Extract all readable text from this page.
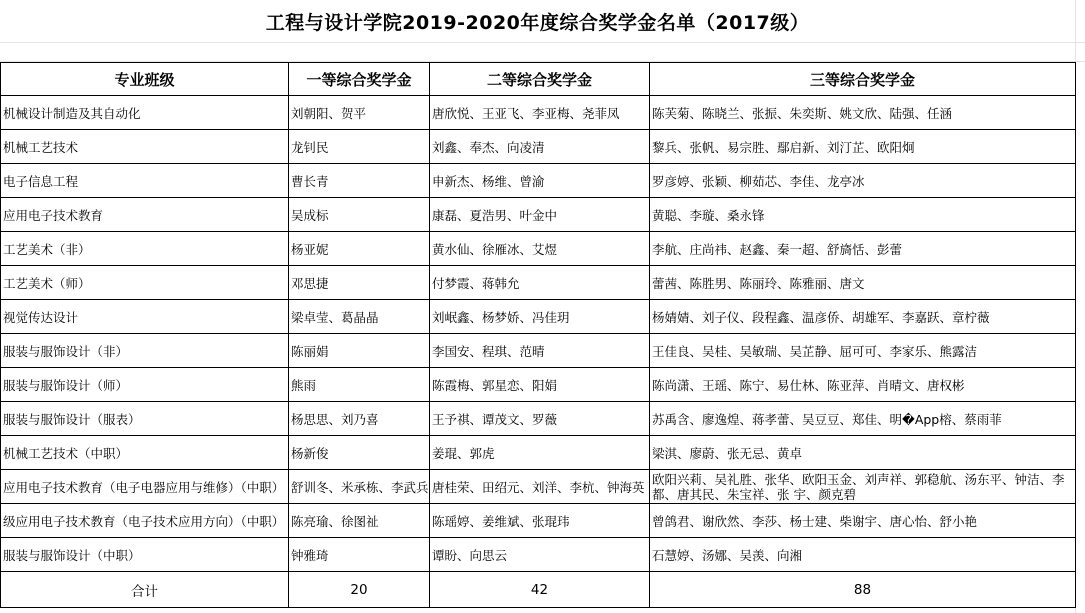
工程与设计学院2019-2020年度综合奖学金名单（2017级）
专业班级	一等综合奖学金	二等综合奖学金	三等综合奖学金
机械设计制造及其自动化	刘朝阳、贺平	唐欣悦、王亚飞、李亚梅、尧菲凤	陈芙菊、陈晓兰、张振、朱奕斯、姚文欣、陆强、任涵
机械工艺技术	龙钊民	刘鑫、奉杰、向凌清	黎兵、张帆、易宗胜、鄢启新、刘汀芷、欧阳炯
电子信息工程	曹长青	申新杰、杨维、曾渝	罗彦婷、张颖、柳茹芯、李佳、龙亭冰
应用电子技术教育	吴成标	康磊、夏浩男、叶金中	黄聪、李璇、桑永锋
工艺美术（非）	杨亚妮	黄水仙、徐雁冰、艾煜	李航、庄尚祎、赵鑫、秦一超、舒旖恬、彭蕾
工艺美术（师）	邓思捷	付梦霞、蒋韩允	蕾茜、陈胜男、陈丽玲、陈雅丽、唐文
视觉传达设计	梁卓莹、葛晶晶	刘岷鑫、杨梦娇、冯佳玥	杨婧婧、刘子仪、段程鑫、温彦侨、胡雄军、李嘉跃、章柠薇
服装与服饰设计（非）	陈丽娟	李国安、程琪、范晴	王佳良、吴桂、吴敏瑞、吴芷静、屈可可、李家乐、熊露洁
服装与服饰设计（师）	熊雨	陈霞梅、郭星恋、阳娟	陈尚潇、王瑶、陈宁、易仕林、陈亚萍、肖晴文、唐权彬
服装与服饰设计（服表）	杨思思、刘乃喜	王予祺、谭茂文、罗薇	苏禹含、廖逸煌、蒋孝蕾、吴豆豆、郑佳、明�App榕、蔡雨菲
机械工艺技术（中职）	杨新俊	姜琨、郭虎	梁淇、廖蔚、张无忌、黄卓
应用电子技术教育（电子电器应用与维修）（中职）	舒训冬、米承栋、李武兵	唐桂荣、田绍元、刘洋、李杭、钟海英	欧阳兴莉、吴礼胜、张华、欧阳玉金、刘声祥、郭稳航、汤东平、钟洁、李都、唐其民、朱宝祥、张 宇、颜克碧
级应用电子技术教育（电子技术应用方向）（中职）	陈亮瑜、徐图祉	陈瑶婷、姜维斌、张琨玮	曾鸽君、谢欣然、李莎、杨士建、柴谢宇、唐心怡、舒小艳
服装与服饰设计（中职）	钟雅琦	谭盼、向思云	石慧婷、汤娜、吴羡、向湘
合计	20	42	88
